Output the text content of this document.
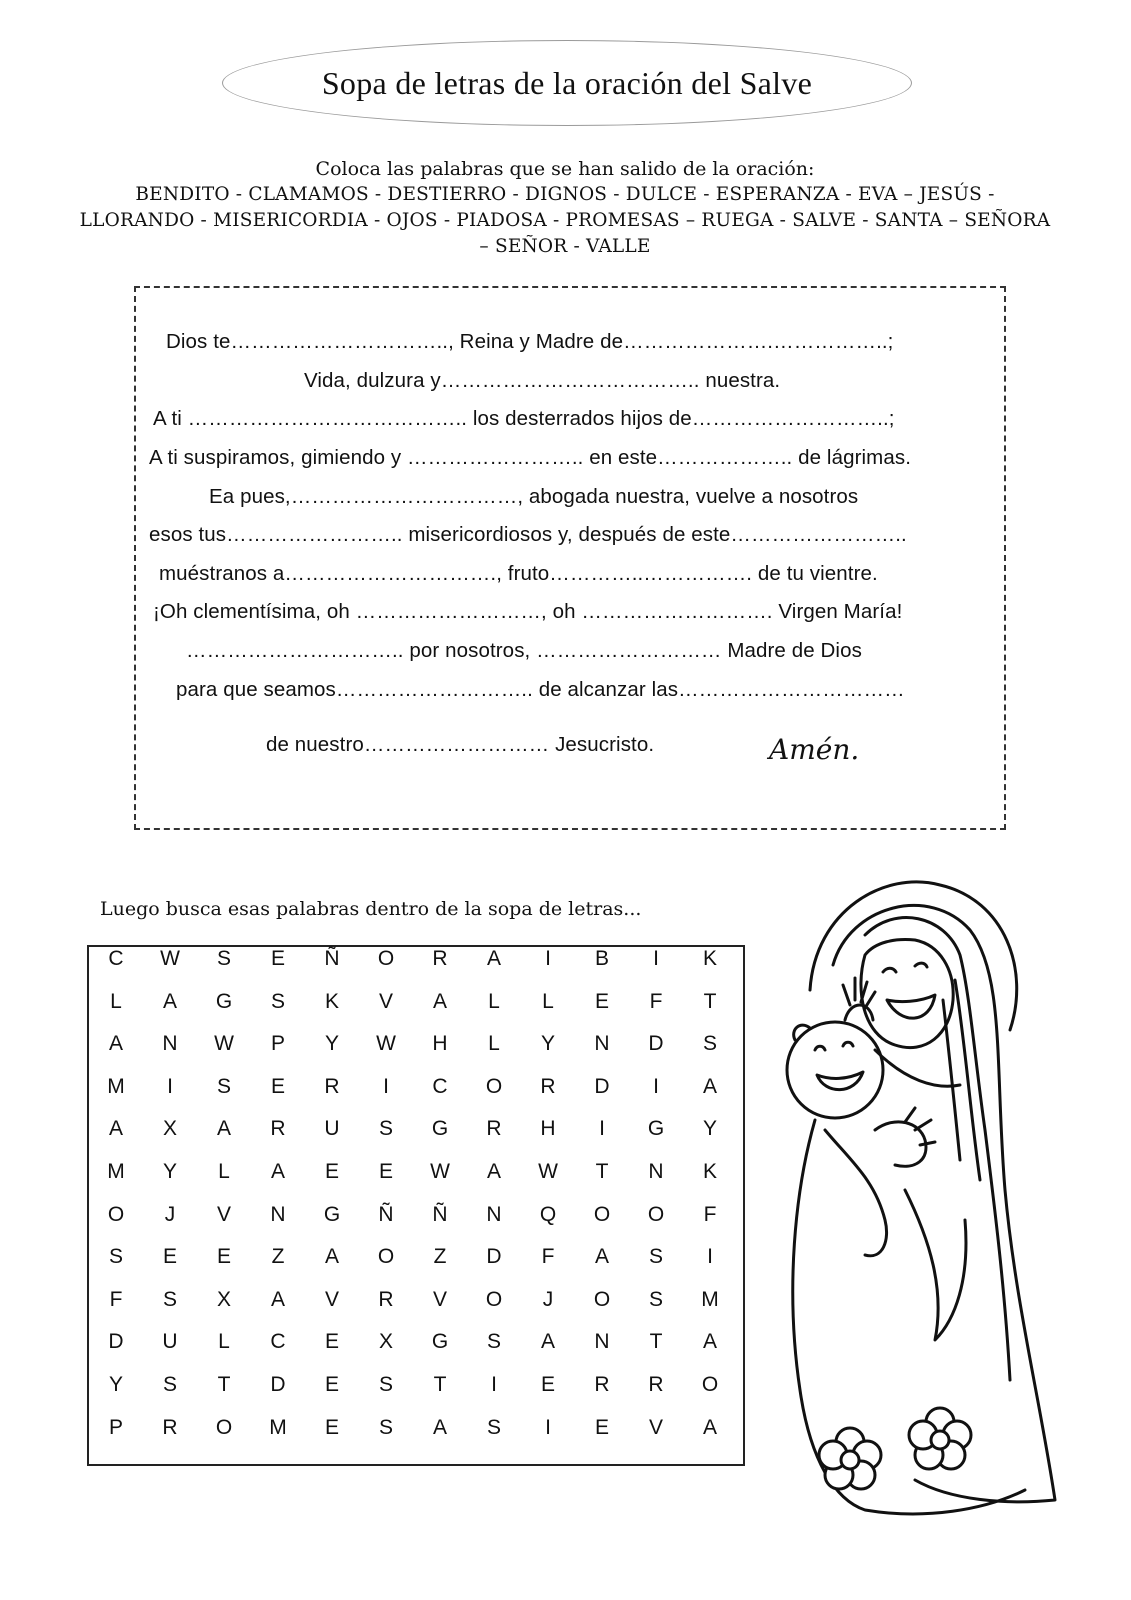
Sopa de letras de la oración del Salve

Coloca las palabras que se han salido de la oración:

BENDITO - CLAMAMOS - DESTIERRO - DIGNOS - DULCE - ESPERANZA - EVA – JESÚS -

LLORANDO - MISERICORDIA - OJOS - PIADOSA - PROMESAS – RUEGA - SALVE - SANTA – SEÑORA

– SEÑOR - VALLE

Dios te………………………….., Reina y Madre de………………….……………..;
Vida, dulzura y……………………………….. nuestra.
A ti ………………………………….. los desterrados hijos de………………………..;
A ti suspiramos, gimiendo y …………………….. en este……………….. de lágrimas.
Ea pues,……………………………, abogada nuestra, vuelve a nosotros
esos tus…………………….. misericordiosos y, después de este……………………..
muéstranos a…………………………., fruto…………..……………. de tu vientre.
¡Oh clementísima, oh ………………………, oh ………………………. Virgen María!
………………………….. por nosotros, ……………………… Madre de Dios
para que seamos……………………….. de alcanzar las……………………………
de nuestro……………………… Jesucristo.	Amén.
Luego busca esas palabras dentro de la sopa de letras...
C	W	S	E	Ñ	O	R	A	I	B	I	K
L	A	G	S	K	V	A	L	L	E	F	T
A	N	W	P	Y	W	H	L	Y	N	D	S
M	I	S	E	R	I	C	O	R	D	I	A
A	X	A	R	U	S	G	R	H	I	G	Y
M	Y	L	A	E	E	W	A	W	T	N	K
O	J	V	N	G	Ñ	Ñ	N	Q	O	O	F
S	E	E	Z	A	O	Z	D	F	A	S	I
F	S	X	A	V	R	V	O	J	O	S	M
D	U	L	C	E	X	G	S	A	N	T	A
Y	S	T	D	E	S	T	I	E	R	R	O
P	R	O	M	E	S	A	S	I	E	V	A
